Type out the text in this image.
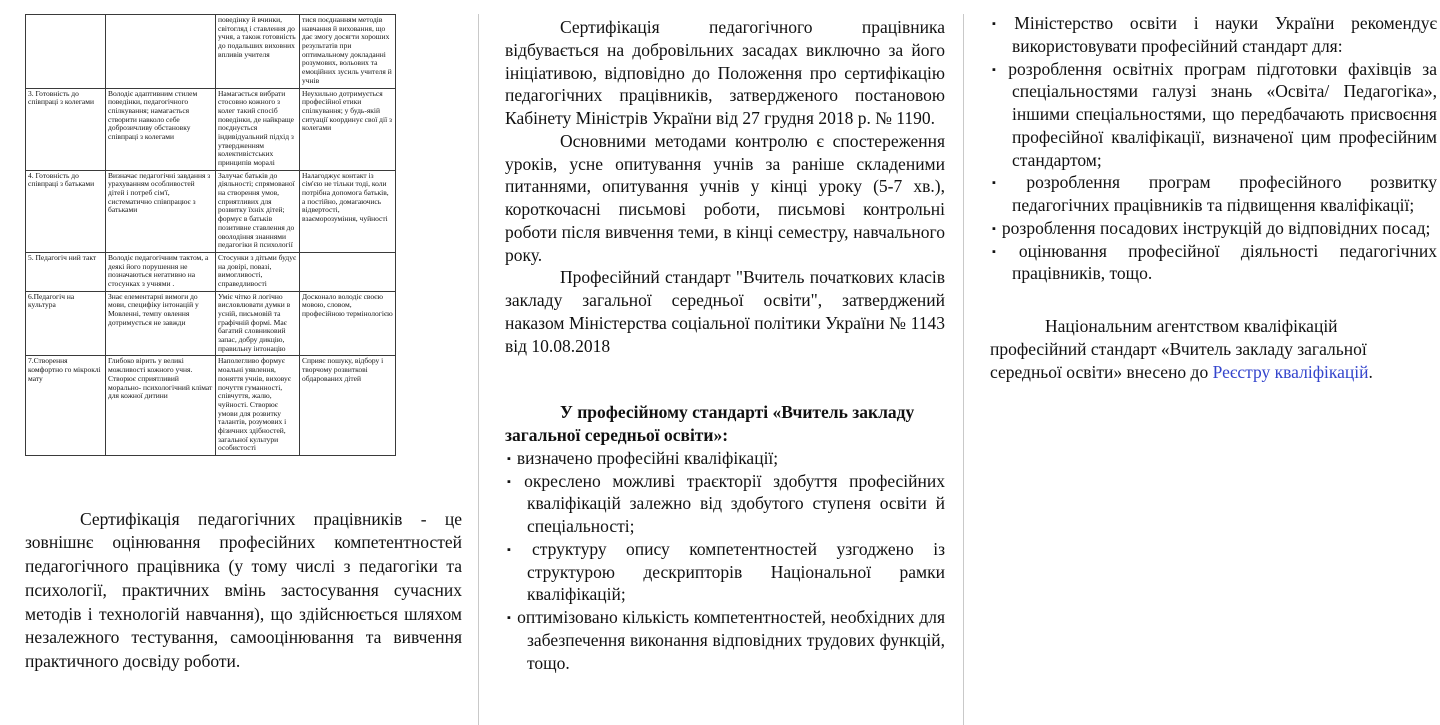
		поведінку й вчинки, світогляд і ставлення до учня, а також готовність до подальших виховних впливів учителя	тися поєднанням методів навчання й виховання, що дає змогу досягти хороших результатів при оптимальному докладанні розумових, вольових та емоційних зусиль учителя й учнів
3. Готовність до співпраці з колегами	Володіє адаптивним стилем поведінки, педагогічного спілкування; намагається створити навколо себе доброзичливу обстановку співпраці з колегами	Намагається вибрати стосовно кожного з колег такий спосіб поведінки, де найкраще поєднується індивідуальний підхід з утвердженням колективістських принципів моралі	Неухильно дотримується професійної етики спілкування; у будь-якій ситуації координує свої дії з колегами
4. Готовність до співпраці з батьками	Визначає педагогічні завдання з урахуванням особливостей дітей і потреб сім'ї, систематично співпрацює з батьками	Залучає батьків до діяльності; спрямованої на створення умов, сприятливих для розвитку їхніх дітей; формує в батьків позитивне ставлення до оволодіння знаннями педагогіки й психології	Налагоджує контакт із сім'єю не тільки тоді, коли потрібна допомога батьків, а постійно, домагаючись відвертості, взаєморозуміння, чуйності
5. Педагогіч ний такт	Володіє педагогічним тактом, а деякі його порушення не позначаються негативно на стосунках з учнями .	Стосунки з дітьми будує на довірі, повазі, вимогливості, справедливості	
6.Педагогіч на культура	Знає елементарні вимоги до мови, специфіку інтонацій у Мовленні, темпу овлення дотримується не завжди	Уміє чітко й логічно висловлювати думки в усній, письмовій та графічній формі. Має багатий словниковий запас, добру дикцію, правильну інтонацію	Досконало володіє своєю мовою, словом, професійною термінологією
7.Створення комфортно го мікроклі мату	Глибоко вірить у великі можливості кожного учня. Створює сприятливий морально- психологічний клімат для кожної дитини	Наполегливо формує моальні уявлення, поняття учнів, виховує почуття гуманності, співчуття, жалю, чуйності. Створює умови для розвитку талантів, розумових і фізичних здібностей, загальної культури особистості	Сприяє пошуку, відбору і творчому розвиткові обдарованих дітей

Сертифікація педагогічних працівників - це зовнішнє оцінювання професійних компетентностей педагогічного працівника (у тому числі з педагогіки та психології, практичних вмінь застосування сучасних методів і технологій навчання), що здійснюється шляхом незалежного тестування, самооцінювання та вивчення практичного досвіду роботи.

Сертифікація педагогічного працівника відбувається на добровільних засадах виключно за його ініціативою, відповідно до Положення про сертифікацію педагогічних працівників, затвердженого постановою Кабінету Міністрів України від 27 грудня 2018 р. № 1190.

Основними методами контролю є спостереження уроків, усне опитування учнів за раніше складеними питаннями, опитування учнів у кінці уроку (5-7 хв.), короткочасні письмові роботи, письмові контрольні роботи після вивчення теми, в кінці семестру, навчального року.

Професійний стандарт "Вчитель початкових класів закладу загальної середньої освіти", затверджений наказом Міністерства соціальної політики України № 1143 від 10.08.2018

У професійному стандарті «Вчитель закладу загальної середньої освіти»:

▪ визначено професійні кваліфікації;
▪ окреслено можливі траєкторії здобуття професійних кваліфікацій залежно від здобутого ступеня освіти й спеціальності;
▪ структуру опису компетентностей узгоджено із структурою дескрипторів Національної рамки кваліфікацій;
▪ оптимізовано кількість компетентностей, необхідних для забезпечення виконання відповідних трудових функцій, тощо.
▪ Міністерство освіти і науки України рекомендує використовувати професійний стандарт для:
▪ розроблення освітніх програм підготовки фахівців за спеціальностями галузі знань «Освіта/ Педагогіка», іншими спеціальностями, що передбачають присвоєння професійної кваліфікації, визначеної цим професійним стандартом;
▪ розроблення програм професійного розвитку педагогічних працівників та підвищення кваліфікації;
▪ розроблення посадових інструкцій до відповідних посад;
▪ оцінювання професійної діяльності педагогічних працівників, тощо.

Національним агентством кваліфікацій професійний стандарт «Вчитель закладу загальної середньої освіти» внесено до Реєстру кваліфікацій.
